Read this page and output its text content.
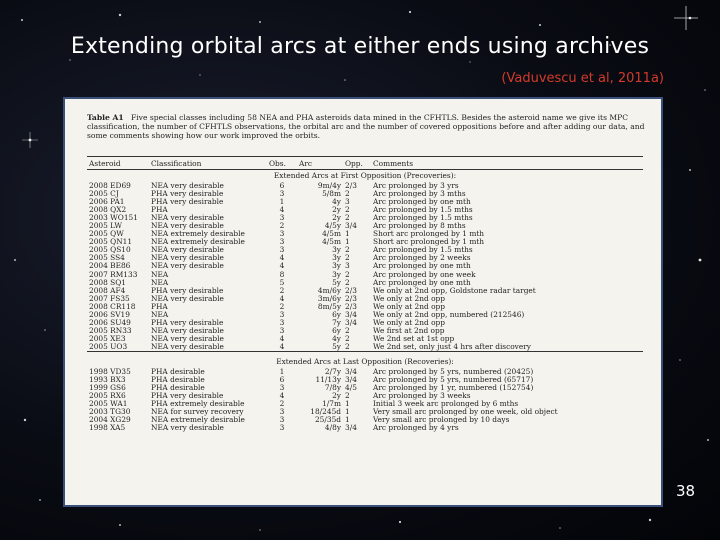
Extending orbital arcs at either ends using archives
(Vaduvescu et al, 2011a)
Table A1 Five special classes including 58 NEA and PHA asteroids data mined in the CFHTLS. Besides the asteroid name we give its MPC classification, the number of CFHTLS observations, the orbital arc and the number of covered oppositions before and after adding our data, and some comments showing how our work improved the orbits.
Asteroid	Classification	Obs.	Arc	Opp.	Comments
Extended Arcs at First Opposition (Precoveries):					
2008 ED69	NEA very desirable	6	9m/4y	2/3	Arc prolonged by 3 yrs
2005 CJ	PHA very desirable	3	5/8m	2	Arc prolonged by 3 mths
2006 PA1	PHA very desirable	1	4y	3	Arc prolonged by one mth
2008 QX2	PHA	4	2y	2	Arc prolonged by 1.5 mths
2003 WO151	NEA very desirable	3	2y	2	Arc prolonged by 1.5 mths
2005 LW	NEA very desirable	2	4/5y	3/4	Arc prolonged by 8 mths
2005 QW	NEA extremely desirable	3	4/5m	1	Short arc prolonged by 1 mth
2005 QN11	NEA extremely desirable	3	4/5m	1	Short arc prolonged by 1 mth
2005 QS10	NEA very desirable	3	3y	2	Arc prolonged by 1.5 mths
2005 SS4	NEA very desirable	4	3y	2	Arc prolonged by 2 weeks
2004 BE86	NEA very desirable	4	3y	3	Arc prolonged by one mth
2007 RM133	NEA	8	3y	2	Arc prolonged by one week
2008 SQ1	NEA	5	5y	2	Arc prolonged by one mth
2008 AF4	PHA very desirable	2	4m/6y	2/3	We only at 2nd opp, Goldstone radar target
2007 FS35	NEA very desirable	4	3m/6y	2/3	We only at 2nd opp
2008 CR118	PHA	2	8m/5y	2/3	We only at 2nd opp
2006 SV19	NEA	3	6y	3/4	We only at 2nd opp, numbered (212546)
2006 SU49	PHA very desirable	3	7y	3/4	We only at 2nd opp
2005 RN33	NEA very desirable	3	6y	2	We first at 2nd opp
2005 XE3	NEA very desirable	4	4y	2	We 2nd set at 1st opp
2005 UO3	NEA very desirable	4	5y	2	We 2nd set, only just 4 hrs after discovery

Extended Arcs at Last Opposition (Recoveries):					
1998 VD35	PHA desirable	1	2/7y	3/4	Arc prolonged by 5 yrs, numbered (20425)
1993 BX3	PHA desirable	6	11/13y	3/4	Arc prolonged by 5 yrs, numbered (65717)
1999 GS6	PHA desirable	3	7/8y	4/5	Arc prolonged by 1 yr, numbered (152754)
2005 RX6	PHA very desirable	4	2y	2	Arc prolonged by 3 weeks
2005 WA1	PHA extremely desirable	2	1/7m	1	Initial 3 week arc prolonged by 6 mths
2003 TG30	NEA for survey recovery	3	18/245d	1	Very small arc prolonged by one week, old object
2004 XG29	NEA extremely desirable	3	25/35d	1	Very small arc prolonged by 10 days
1998 XA5	NEA very desirable	3	4/8y	3/4	Arc prolonged by 4 yrs
38
